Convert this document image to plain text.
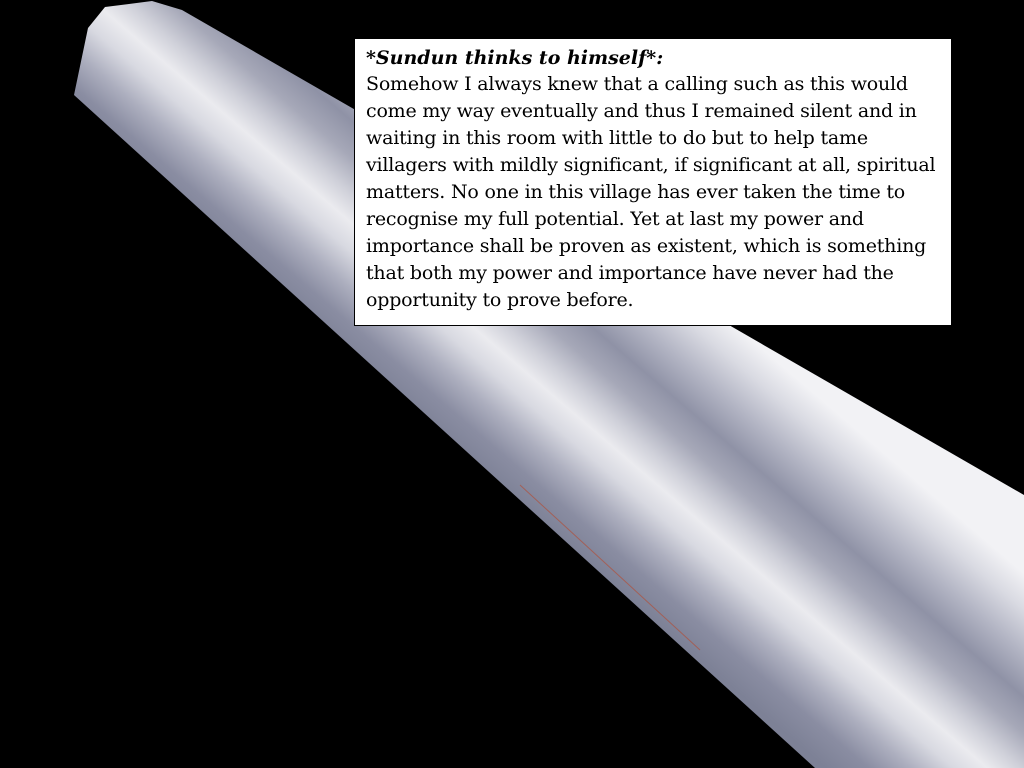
*Sundun thinks to himself*:

Somehow I always knew that a calling such as this would come my way eventually and thus I remained silent and in waiting in this room with little to do but to help tame villagers with mildly significant, if significant at all, spiritual matters. No one in this village has ever taken the time to recognise my full potential. Yet at last my power and importance shall be proven as existent, which is something that both my power and importance have never had the opportunity to prove before.
